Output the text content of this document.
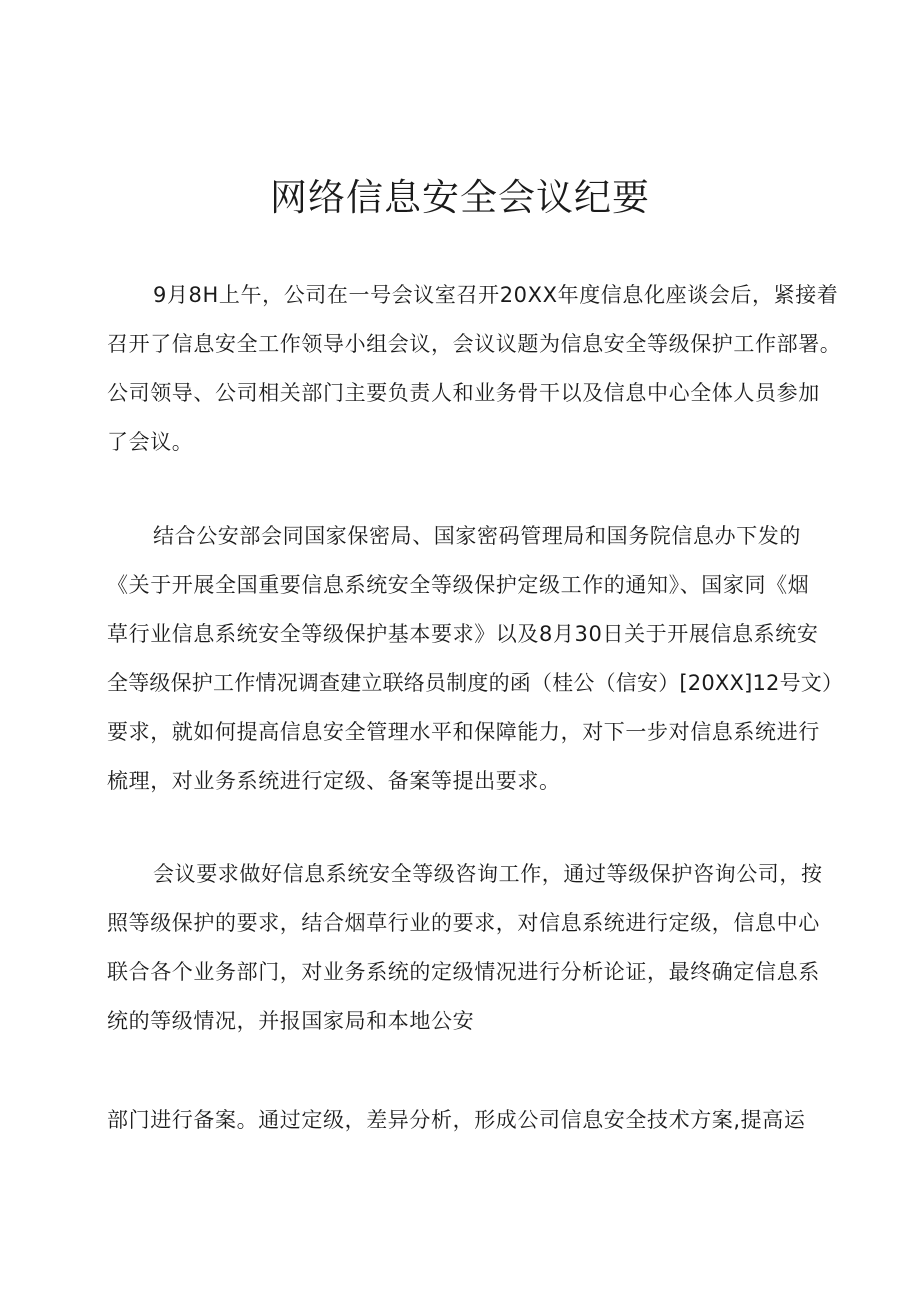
网络信息安全会议纪要
9月8H上午，公司在一号会议室召开20XX年度信息化座谈会后，紧接着
召开了信息安全工作领导小组会议，会议议题为信息安全等级保护工作部署。
公司领导、公司相关部门主要负责人和业务骨干以及信息中心全体人员参加
了会议。
结合公安部会同国家保密局、国家密码管理局和国务院信息办下发的
《关于开展全国重要信息系统安全等级保护定级工作的通知》、国家同《烟
草行业信息系统安全等级保护基本要求》以及8月30日关于开展信息系统安
全等级保护工作情况调查建立联络员制度的函（桂公（信安）[20XX]12号文）
要求，就如何提高信息安全管理水平和保障能力，对下一步对信息系统进行
梳理，对业务系统进行定级、备案等提出要求。
会议要求做好信息系统安全等级咨询工作，通过等级保护咨询公司，按
照等级保护的要求，结合烟草行业的要求，对信息系统进行定级，信息中心
联合各个业务部门，对业务系统的定级情况进行分析论证，最终确定信息系
统的等级情况，并报国家局和本地公安
部门进行备案。通过定级，差异分析，形成公司信息安全技术方案,提高运
